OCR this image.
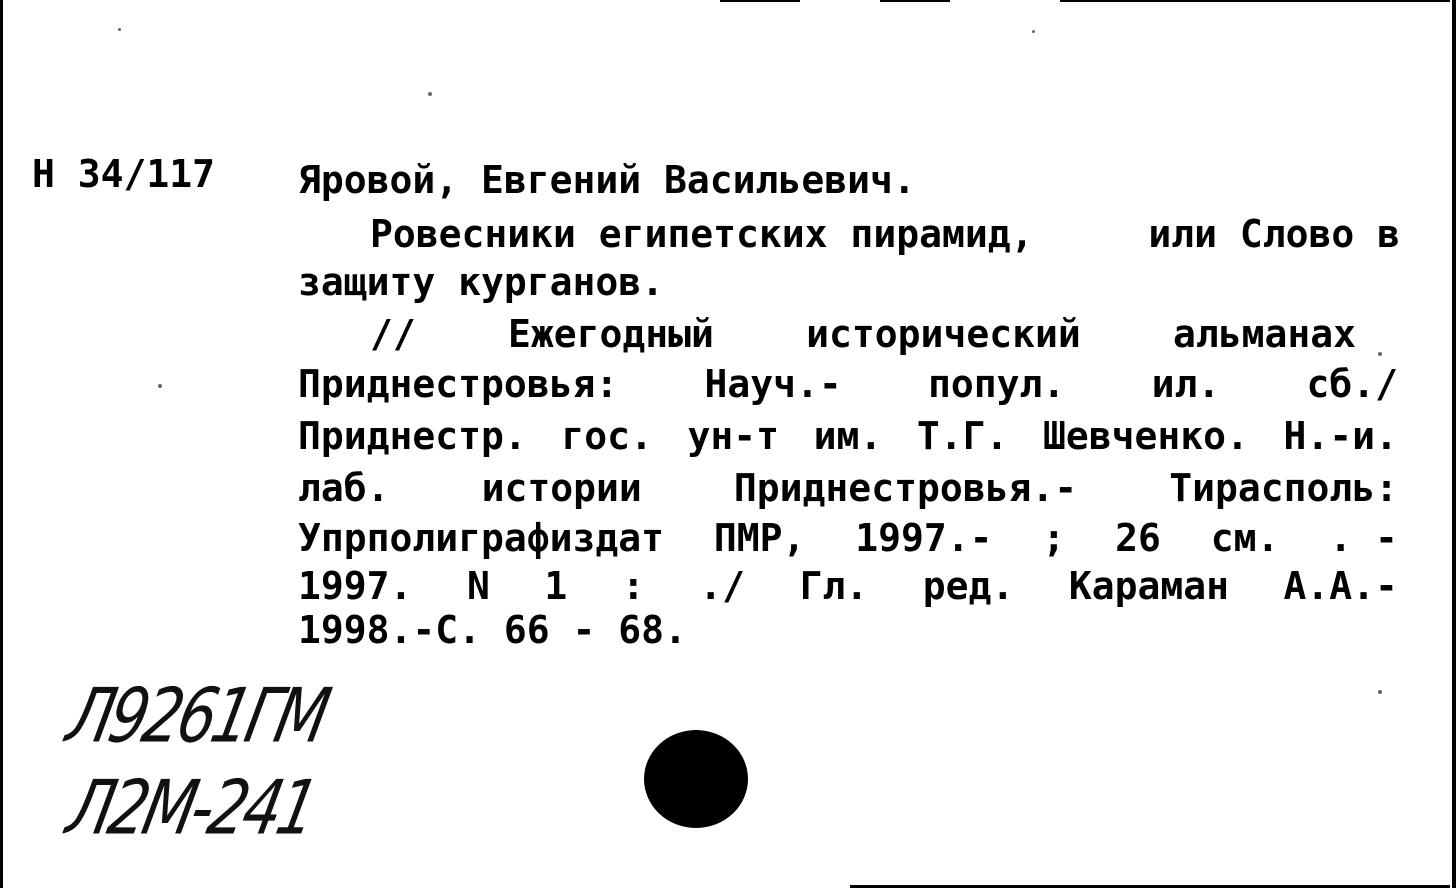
Н 34/117 Яровой, Евгений Васильевич.
Ровесники египетских пирамид,	или Слово в
защиту курганов.
// Ежегодный исторический альманах
Приднестровья: Науч.- попул. ил. сб./
Приднестр. гос. ун-т им. Т.Г. Шевченко. Н.-и.
лаб. истории Приднестровья.- Тирасполь:
Упрполиграфиздат ПМР, 1997.- ; 26 см. . -
1997. N 1 : ./ Гл. ред. Караман А.А.-
1998.-С. 66 - 68.
Л9261ГМ
Л2М-241
